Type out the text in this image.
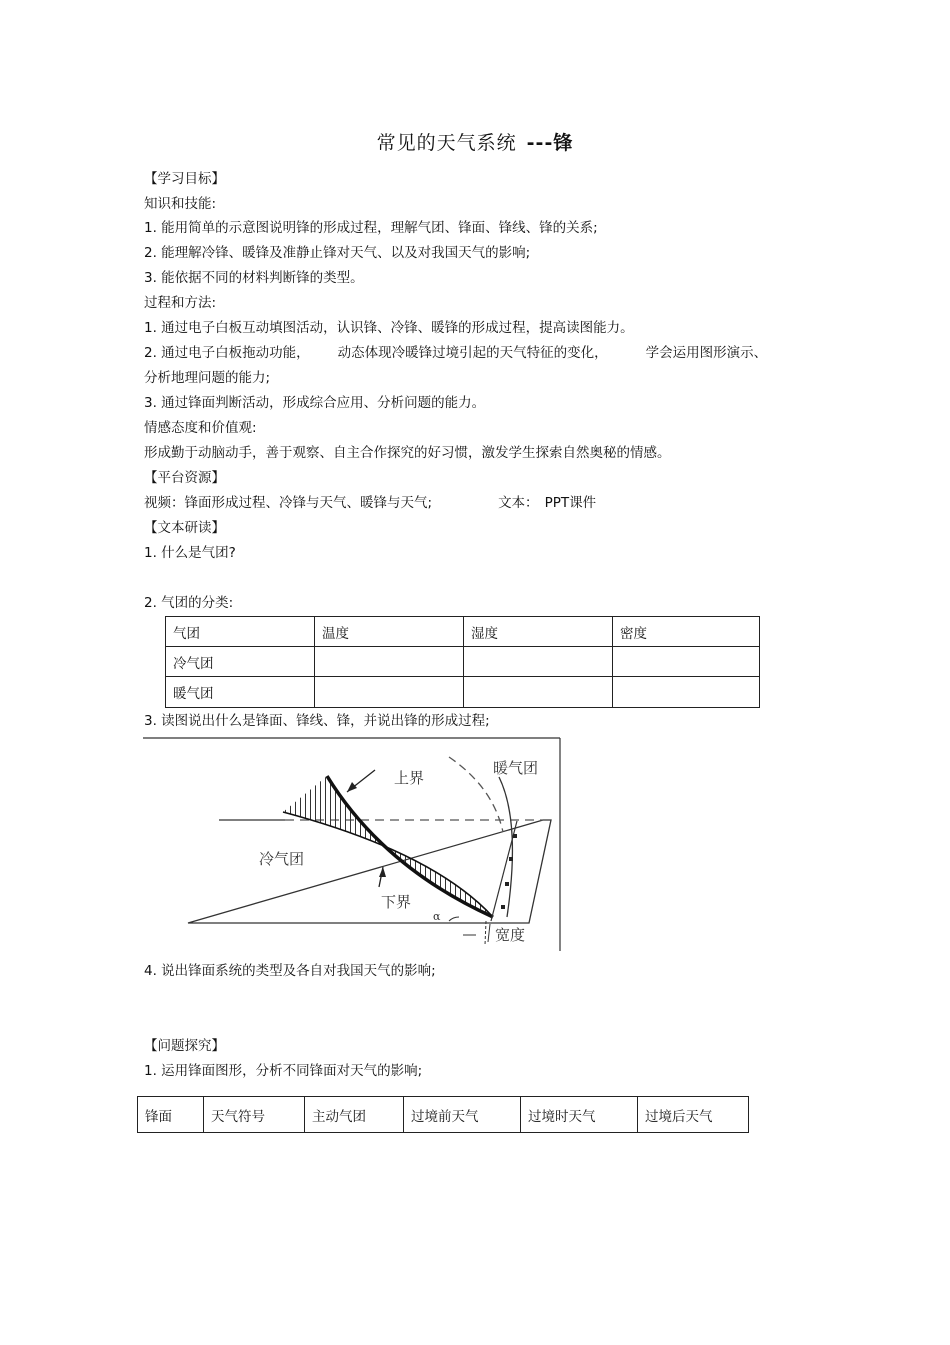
常见的天气系统 ---锋
【学习目标】
知识和技能:
1. 能用简单的示意图说明锋的形成过程，理解气团、锋面、锋线、锋的关系;
2. 能理解冷锋、暖锋及准静止锋对天气、以及对我国天气的影响;
3. 能依据不同的材料判断锋的类型。
过程和方法:
1. 通过电子白板互动填图活动，认识锋、冷锋、暖锋的形成过程，提高读图能力。
2. 通过电子白板拖动功能， 动态体现冷暖锋过境引起的天气特征的变化，	学会运用图形演示、
分析地理问题的能力;
3. 通过锋面判断活动，形成综合应用、分析问题的能力。
情感态度和价值观:
形成勤于动脑动手，善于观察、自主合作探究的好习惯，激发学生探索自然奥秘的情感。
【平台资源】
视频：锋面形成过程、冷锋与天气、暖锋与天气;	文本： PPT课件
【文本研读】
1. 什么是气团?
2. 气团的分类:
气团	温度	湿度	密度
冷气团			
暖气团			
3. 读图说出什么是锋面、锋线、锋，并说出锋的形成过程;
上界
暖气团
冷气团
下界
α
宽度
4. 说出锋面系统的类型及各自对我国天气的影响;
【问题探究】
1. 运用锋面图形，分析不同锋面对天气的影响;
锋面	天气符号	主动气团	过境前天气	过境时天气	过境后天气
